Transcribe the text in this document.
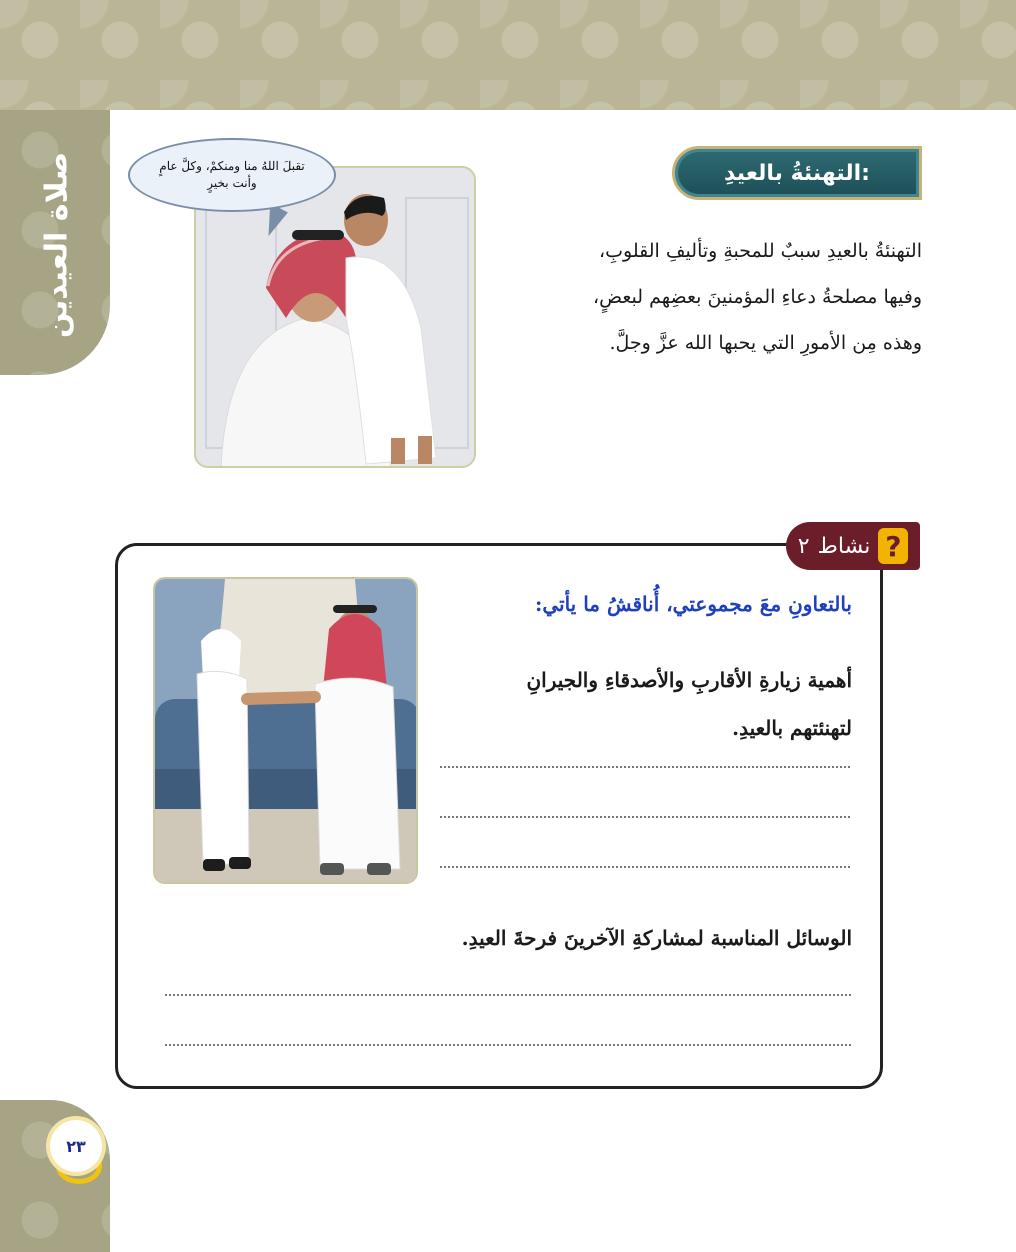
صلاة العيدين	تقبلَ اللهُ منا ومنكمْ، وكلَّ عامٍ
وأنت بخيرٍ	التهنئةُ بالعيدِ:
التهنئةُ بالعيدِ سببٌ للمحبةِ وتأليفِ القلوبِ،
وفيها مصلحةُ دعاءِ المؤمنينَ بعضِهم لبعضٍ،
وهذه مِن الأمورِ التي يحبها الله عزَّ وجلَّ.
?
نشاط
٢
بالتعاونِ معَ مجموعتي، أُناقشُ ما يأتي:
أهمية زيارةِ الأقاربِ والأصدقاءِ والجيرانِ
لتهنئتهم بالعيدِ.
الوسائل المناسبة لمشاركةِ الآخرينَ فرحةَ العيدِ.
٢٣
